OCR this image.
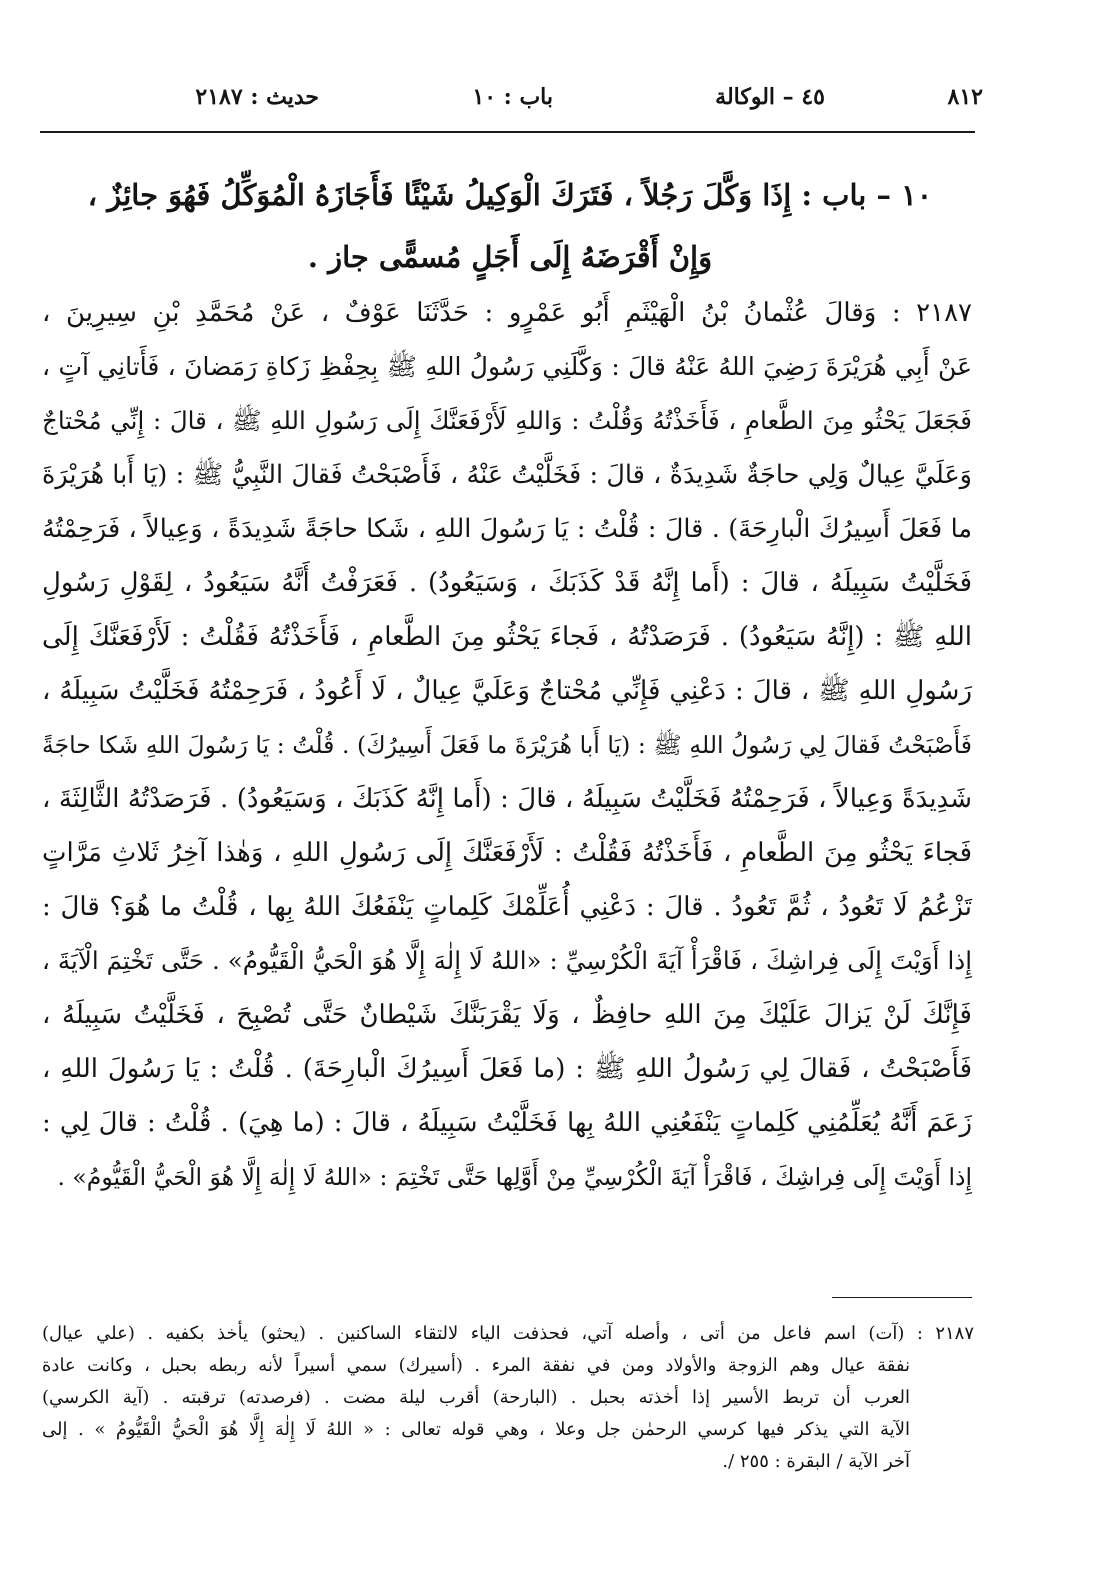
٨١٢
٤٥ – الوكالة
باب : ١٠
حديث : ٢١٨٧
١٠ – باب : إِذَا وَكَّلَ رَجُلاً ، فَتَرَكَ الْوَكِيلُ شَيْئًا فَأَجَازَهُ الْمُوَكِّلُ فَهُوَ جائِزٌ ،
وَإِنْ أَقْرَضَهُ إِلَى أَجَلٍ مُسمًّى جاز .
٢١٨٧ : وَقالَ عُثْمانُ بْنُ الْهَيْثَمِ أَبُو عَمْرٍو : حَدَّثَنَا عَوْفٌ ، عَنْ مُحَمَّدِ بْنِ سِيرِينَ ،
عَنْ أَبِي هُرَيْرَةَ رَضِيَ اللهُ عَنْهُ قالَ : وَكَّلَنِي رَسُولُ اللهِ ﷺ بِحِفْظِ زَكاةِ رَمَضانَ ، فَأَتانِي آتٍ ،
فَجَعَلَ يَحْثُو مِنَ الطَّعامِ ، فَأَخَذْتُهُ وَقُلْتُ : وَاللهِ لَأَرْفَعَنَّكَ إِلَى رَسُولِ اللهِ ﷺ ، قالَ : إِنِّي مُحْتاجٌ
وَعَلَيَّ عِيالٌ وَلِي حاجَةٌ شَدِيدَةٌ ، قالَ : فَخَلَّيْتُ عَنْهُ ، فَأَصْبَحْتُ فَقالَ النَّبِيُّ ﷺ : (يَا أَبا هُرَيْرَةَ
ما فَعَلَ أَسِيرُكَ الْبارِحَةَ) . قالَ : قُلْتُ : يَا رَسُولَ اللهِ ، شَكا حاجَةً شَدِيدَةً ، وَعِيالاً ، فَرَحِمْتُهُ
فَخَلَّيْتُ سَبِيلَهُ ، قالَ : (أَما إِنَّهُ قَدْ كَذَبَكَ ، وَسَيَعُودُ) . فَعَرَفْتُ أَنَّهُ سَيَعُودُ ، لِقَوْلِ رَسُولِ
اللهِ ﷺ : (إِنَّهُ سَيَعُودُ) . فَرَصَدْتُهُ ، فَجاءَ يَحْثُو مِنَ الطَّعامِ ، فَأَخَذْتُهُ فَقُلْتُ : لَأَرْفَعَنَّكَ إِلَى
رَسُولِ اللهِ ﷺ ، قالَ : دَعْنِي فَإِنِّي مُحْتاجٌ وَعَلَيَّ عِيالٌ ، لَا أَعُودُ ، فَرَحِمْتُهُ فَخَلَّيْتُ سَبِيلَهُ ،
فَأَصْبَحْتُ فَقالَ لِي رَسُولُ اللهِ ﷺ : (يَا أَبا هُرَيْرَةَ ما فَعَلَ أَسِيرُكَ) . قُلْتُ : يَا رَسُولَ اللهِ شَكا حاجَةً
شَدِيدَةً وَعِيالاً ، فَرَحِمْتُهُ فَخَلَّيْتُ سَبِيلَهُ ، قالَ : (أَما إِنَّهُ كَذَبَكَ ، وَسَيَعُودُ) . فَرَصَدْتُهُ الثَّالِثَةَ ،
فَجاءَ يَحْثُو مِنَ الطَّعامِ ، فَأَخَذْتُهُ فَقُلْتُ : لَأَرْفَعَنَّكَ إِلَى رَسُولِ اللهِ ، وَهٰذا آخِرُ ثَلاثِ مَرَّاتٍ
تَزْعُمُ لَا تَعُودُ ، ثُمَّ تَعُودُ . قالَ : دَعْنِي أُعَلِّمْكَ كَلِماتٍ يَنْفَعُكَ اللهُ بِها ، قُلْتُ ما هُوَ؟ قالَ :
إِذا أَوَيْتَ إِلَى فِراشِكَ ، فَاقْرَأْ آيَةَ الْكُرْسِيِّ : «اللهُ لَا إِلٰهَ إِلَّا هُوَ الْحَيُّ الْقَيُّومُ» . حَتَّى تَخْتِمَ الْآيَةَ ،
فَإِنَّكَ لَنْ يَزالَ عَلَيْكَ مِنَ اللهِ حافِظٌ ، وَلَا يَقْرَبَنَّكَ شَيْطانٌ حَتَّى تُصْبِحَ ، فَخَلَّيْتُ سَبِيلَهُ ،
فَأَصْبَحْتُ ، فَقالَ لِي رَسُولُ اللهِ ﷺ : (ما فَعَلَ أَسِيرُكَ الْبارِحَةَ) . قُلْتُ : يَا رَسُولَ اللهِ ،
زَعَمَ أَنَّهُ يُعَلِّمُنِي كَلِماتٍ يَنْفَعُنِي اللهُ بِها فَخَلَّيْتُ سَبِيلَهُ ، قالَ : (ما هِيَ) . قُلْتُ : قالَ لِي :
إِذا أَوَيْتَ إِلَى فِراشِكَ ، فَاقْرَأْ آيَةَ الْكُرْسِيِّ مِنْ أَوَّلِها حَتَّى تَخْتِمَ : «اللهُ لَا إِلٰهَ إِلَّا هُوَ الْحَيُّ الْقَيُّومُ» .
٢١٨٧ : (آت) اسم فاعل من أتى ، وأصله آتي، فحذفت الياء لالتقاء الساكنين . (يحثو) يأخذ بكفيه . (علي عيال)
نفقة عيال وهم الزوجة والأولاد ومن في نفقة المرء . (أسيرك) سمي أسيراً لأنه ربطه بحبل ، وكانت عادة
العرب أن تربط الأسير إذا أخذته بحبل . (البارحة) أقرب ليلة مضت . (فرصدته) ترقبته . (آية الكرسي)
الآية التي يذكر فيها كرسي الرحمٰن جل وعلا ، وهي قوله تعالى : « اللهُ لَا إِلٰهَ إِلَّا هُوَ الْحَيُّ الْقَيُّومُ » . إلى
آخر الآية / البقرة : ٢٥٥ /.
